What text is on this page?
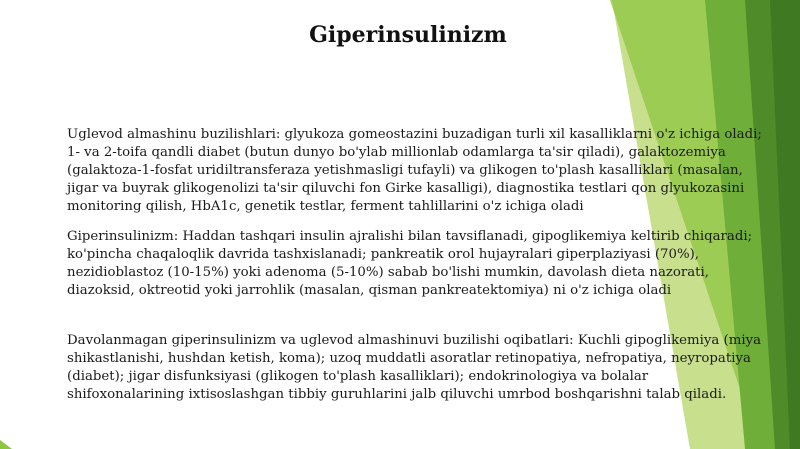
Giperinsulinizm

Uglevod almashinu buzilishlari: glyukoza gomeostazini buzadigan turli xil kasalliklarni o'z ichiga oladi; 1- va 2-toifa qandli diabet (butun dunyo bo'ylab millionlab odamlarga ta'sir qiladi), galaktozemiya (galaktoza-1-fosfat uridiltransferaza yetishmasligi tufayli) va glikogen to'plash kasalliklari (masalan, jigar va buyrak glikogenolizi ta'sir qiluvchi fon Girke kasalligi), diagnostika testlari qon glyukozasini monitoring qilish, HbA1c, genetik testlar, ferment tahlillarini o'z ichiga oladi

Giperinsulinizm: Haddan tashqari insulin ajralishi bilan tavsiflanadi, gipoglikemiya keltirib chiqaradi; ko'pincha chaqaloqlik davrida tashxislanadi; pankreatik orol hujayralari giperplaziyasi (70%), nezidioblastoz (10-15%) yoki adenoma (5-10%) sabab bo'lishi mumkin, davolash dieta nazorati, diazoksid, oktreotid yoki jarrohlik (masalan, qisman pankreatektomiya) ni o'z ichiga oladi

Davolanmagan giperinsulinizm va uglevod almashinuvi buzilishi oqibatlari: Kuchli gipoglikemiya (miya shikastlanishi, hushdan ketish, koma); uzoq muddatli asoratlar retinopatiya, nefropatiya, neyropatiya (diabet); jigar disfunksiyasi (glikogen to'plash kasalliklari); endokrinologiya va bolalar shifoxonalarining ixtisoslashgan tibbiy guruhlarini jalb qiluvchi umrbod boshqarishni talab qiladi.
